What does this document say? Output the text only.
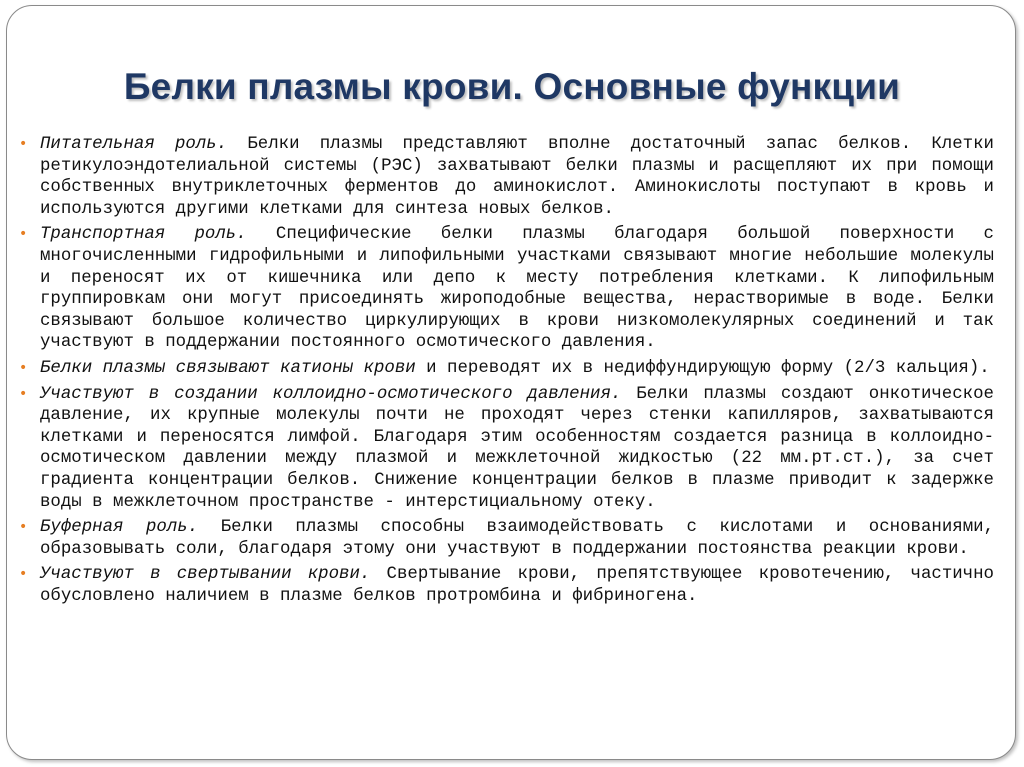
Белки плазмы крови. Основные функции
• Питательная роль. Белки плазмы представляют вполне достаточный запас белков. Клетки ретикулоэндотелиальной системы (РЭС) захватывают белки плазмы и расщепляют их при помощи собственных внутриклеточных ферментов до аминокислот. Аминокислоты поступают в кровь и используются другими клетками для синтеза новых белков.
• Транспортная роль. Специфические белки плазмы благодаря большой поверхности с многочисленными гидрофильными и липофильными участками связывают многие небольшие молекулы и переносят их от кишечника или депо к месту потребления клетками. К липофильным группировкам они могут присоединять жироподобные вещества, нерастворимые в воде. Белки связывают большое количество циркулирующих в крови низкомолекулярных соединений и так участвуют в поддержании постоянного осмотического давления.
• Белки плазмы связывают катионы крови и переводят их в недиффундирующую форму (2/3 кальция).
• Участвуют в создании коллоидно-осмотического давления. Белки плазмы создают онкотическое давление, их крупные молекулы почти не проходят через стенки капилляров, захватываются клетками и переносятся лимфой. Благодаря этим особенностям создается разница в коллоидно-осмотическом давлении между плазмой и межклеточной жидкостью (22 мм.рт.ст.), за счет градиента концентрации белков. Снижение концентрации белков в плазме приводит к задержке воды в межклеточном пространстве - интерстициальному отеку.
• Буферная роль. Белки плазмы способны взаимодействовать с кислотами и основаниями, образовывать соли, благодаря этому они участвуют в поддержании постоянства реакции крови.
• Участвуют в свертывании крови. Свертывание крови, препятствующее кровотечению, частично обусловлено наличием в плазме белков протромбина и фибриногена.
